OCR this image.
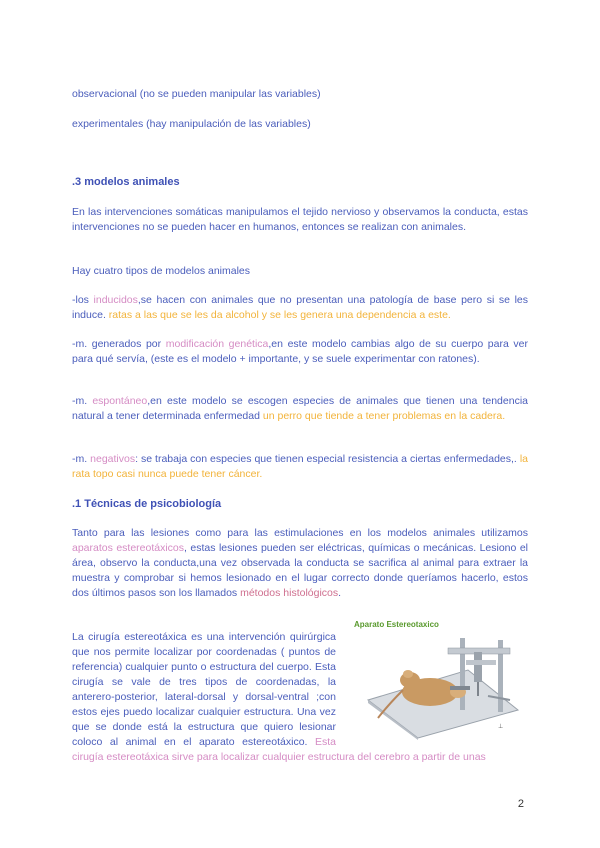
observacional (no se pueden manipular las variables)

experimentales (hay manipulación de las variables)

.3 modelos animales

En las intervenciones somáticas manipulamos el tejido nervioso y observamos la conducta, estas intervenciones no se pueden hacer en humanos, entonces se realizan con animales.

Hay cuatro tipos de modelos animales

-los inducidos,se hacen con animales que no presentan una patología de base pero si se les induce. ratas a las que se les da alcohol y se les genera una dependencia a este.

-m. generados por modificación genética,en este modelo cambias algo de su cuerpo para ver para qué servía, (este es el modelo + importante, y se suele experimentar con ratones).

-m. espontáneo,en este modelo se escogen especies de animales que tienen una tendencia natural a tener determinada enfermedad un perro que tiende a tener problemas en la cadera.

-m. negativos: se trabaja con especies que tienen especial resistencia a ciertas enfermedades,. la rata topo casi nunca puede tener cáncer.

.1 Técnicas de psicobiología

Tanto para las lesiones como para las estimulaciones en los modelos animales utilizamos aparatos estereotáxicos, estas lesiones pueden ser eléctricas, químicas o mecánicas. Lesiono el área, observo la conducta,una vez observada la conducta se sacrifica al animal para extraer la muestra y comprobar si hemos lesionado en el lugar correcto donde queríamos hacerlo, estos dos últimos pasos son los llamados métodos histológicos.

Aparato Estereotaxico
⊥
La cirugía estereotáxica es una intervención quirúrgica que nos permite localizar por coordenadas ( puntos de referencia) cualquier punto o estructura del cuerpo. Esta cirugía se vale de tres tipos de coordenadas, la anterero-posterior, lateral-dorsal y dorsal-ventral ;con estos ejes puedo localizar cualquier estructura. Una vez que se donde está la estructura que quiero lesionar coloco al animal en el aparato estereotáxico. Esta cirugía estereotáxica sirve para localizar cualquier estructura del cerebro a partir de unas
2
